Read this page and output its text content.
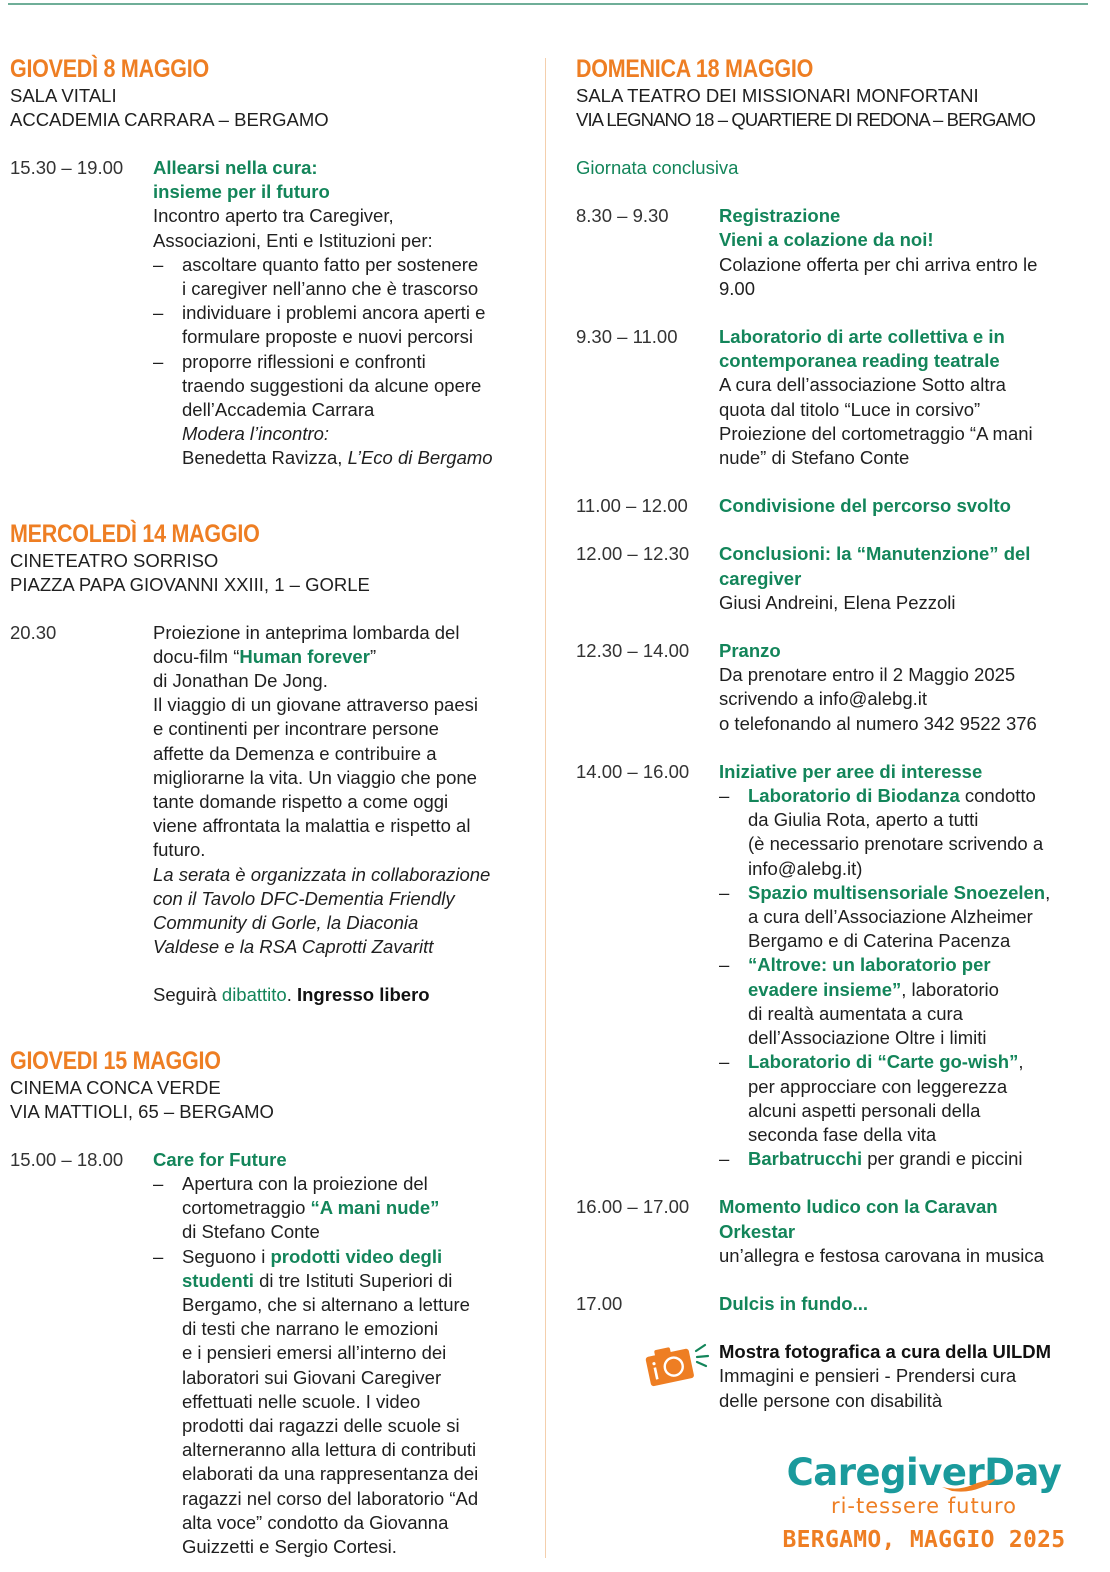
GIOVEDÌ 8 MAGGIO
SALA VITALI
ACCADEMIA CARRARA – BERGAMO
15.30 – 19.00	Allearsi nella cura:
insieme per il futuro
Incontro aperto tra Caregiver,
Associazioni, Enti e Istituzioni per:
–	ascoltare quanto fatto per sostenere
i caregiver nell’anno che è trascorso
–	individuare i problemi ancora aperti e
formulare proposte e nuovi percorsi
–	proporre riflessioni e confronti
traendo suggestioni da alcune opere
dell’Accademia Carrara
Modera l’incontro:
Benedetta Ravizza, L’Eco di Bergamo
MERCOLEDÌ 14 MAGGIO
CINETEATRO SORRISO
PIAZZA PAPA GIOVANNI XXIII, 1 – GORLE
20.30	Proiezione in anteprima lombarda del
docu-film “Human forever”
di Jonathan De Jong.
Il viaggio di un giovane attraverso paesi
e continenti per incontrare persone
affette da Demenza e contribuire a
migliorarne la vita. Un viaggio che pone
tante domande rispetto a come oggi
viene affrontata la malattia e rispetto al
futuro.
La serata è organizzata in collaborazione
con il Tavolo DFC-Dementia Friendly
Community di Gorle, la Diaconia
Valdese e la RSA Caprotti Zavaritt
Seguirà dibattito. Ingresso libero
GIOVEDI 15 MAGGIO
CINEMA CONCA VERDE
VIA MATTIOLI, 65 – BERGAMO
15.00 – 18.00	Care for Future
–	Apertura con la proiezione del
cortometraggio “A mani nude”
di Stefano Conte
–	Seguono i prodotti video degli
studenti di tre Istituti Superiori di
Bergamo, che si alternano a letture
di testi che narrano le emozioni
e i pensieri emersi all’interno dei
laboratori sui Giovani Caregiver
effettuati nelle scuole. I video
prodotti dai ragazzi delle scuole si
alterneranno alla lettura di contributi
elaborati da una rappresentanza dei
ragazzi nel corso del laboratorio “Ad
alta voce” condotto da Giovanna
Guizzetti e Sergio Cortesi.
DOMENICA 18 MAGGIO
SALA TEATRO DEI MISSIONARI MONFORTANI
VIA LEGNANO 18 – QUARTIERE DI REDONA – BERGAMO
Giornata conclusiva
8.30 – 9.30	Registrazione
Vieni a colazione da noi!
Colazione offerta per chi arriva entro le
9.00
9.30 – 11.00	Laboratorio di arte collettiva e in
contemporanea reading teatrale
A cura dell’associazione Sotto altra
quota dal titolo “Luce in corsivo”
Proiezione del cortometraggio “A mani
nude” di Stefano Conte
11.00 – 12.00	Condivisione del percorso svolto
12.00 – 12.30	Conclusioni: la “Manutenzione” del
caregiver
Giusi Andreini, Elena Pezzoli
12.30 – 14.00	Pranzo
Da prenotare entro il 2 Maggio 2025
scrivendo a info@alebg.it
o telefonando al numero 342 9522 376
14.00 – 16.00	Iniziative per aree di interesse
–	Laboratorio di Biodanza condotto
da Giulia Rota, aperto a tutti
(è necessario prenotare scrivendo a
info@alebg.it)
–	Spazio multisensoriale Snoezelen,
a cura dell’Associazione Alzheimer
Bergamo e di Caterina Pacenza
–	“Altrove: un laboratorio per
evadere insieme”, laboratorio
di realtà aumentata a cura
dell’Associazione Oltre i limiti
–	Laboratorio di “Carte go-wish”,
per approcciare con leggerezza
alcuni aspetti personali della
seconda fase della vita
–	Barbatrucchi per grandi e piccini
16.00 – 17.00	Momento ludico con la Caravan
Orkestar
un’allegra e festosa carovana in musica
17.00	Dulcis in fundo...
Mostra fotografica a cura della UILDM
Immagini e pensieri - Prendersi cura
delle persone con disabilità
CaregiverDay
ri-tessere futuro
BERGAMO, MAGGIO 2025
